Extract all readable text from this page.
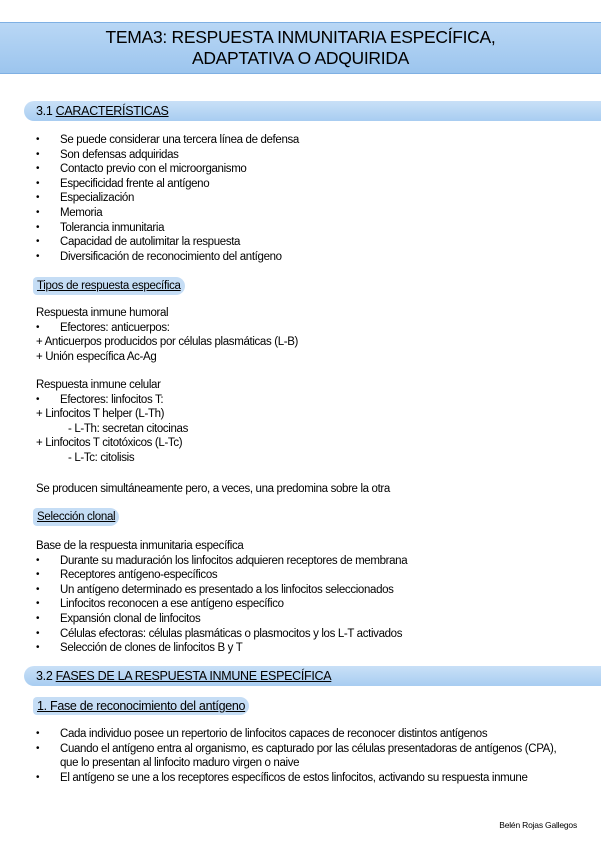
TEMA3: RESPUESTA INMUNITARIA ESPECÍFICA,
ADAPTATIVA O ADQUIRIDA
3.1 CARACTERÍSTICAS
• Se puede considerar una tercera línea de defensa
• Son defensas adquiridas
• Contacto previo con el microorganismo
• Especificidad frente al antígeno
• Especialización
• Memoria
• Tolerancia inmunitaria
• Capacidad de autolimitar la respuesta
• Diversificación de reconocimiento del antígeno
Tipos de respuesta específica
Respuesta inmune humoral
• Efectores: anticuerpos:
+ Anticuerpos producidos por células plasmáticas (L-B)
+ Unión específica Ac-Ag
Respuesta inmune celular
• Efectores: linfocitos T:
+ Linfocitos T helper (L-Th)
- L-Th: secretan citocinas
+ Linfocitos T citotóxicos (L-Tc)
- L-Tc: citolisis
Se producen simultáneamente pero, a veces, una predomina sobre la otra
Selección clonal
Base de la respuesta inmunitaria específica
• Durante su maduración los linfocitos adquieren receptores de membrana
• Receptores antígeno-específicos
• Un antígeno determinado es presentado a los linfocitos seleccionados
• Linfocitos reconocen a ese antígeno específico
• Expansión clonal de linfocitos
• Células efectoras: células plasmáticas o plasmocitos y los L-T activados
• Selección de clones de linfocitos B y T
3.2 FASES DE LA RESPUESTA INMUNE ESPECÍFICA
1. Fase de reconocimiento del antígeno
• Cada individuo posee un repertorio de linfocitos capaces de reconocer distintos antígenos
• Cuando el antígeno entra al organismo, es capturado por las células presentadoras de antígenos (CPA), que lo presentan al linfocito maduro virgen o naive
• El antígeno se une a los receptores específicos de estos linfocitos, activando su respuesta inmune
Belén Rojas Gallegos
